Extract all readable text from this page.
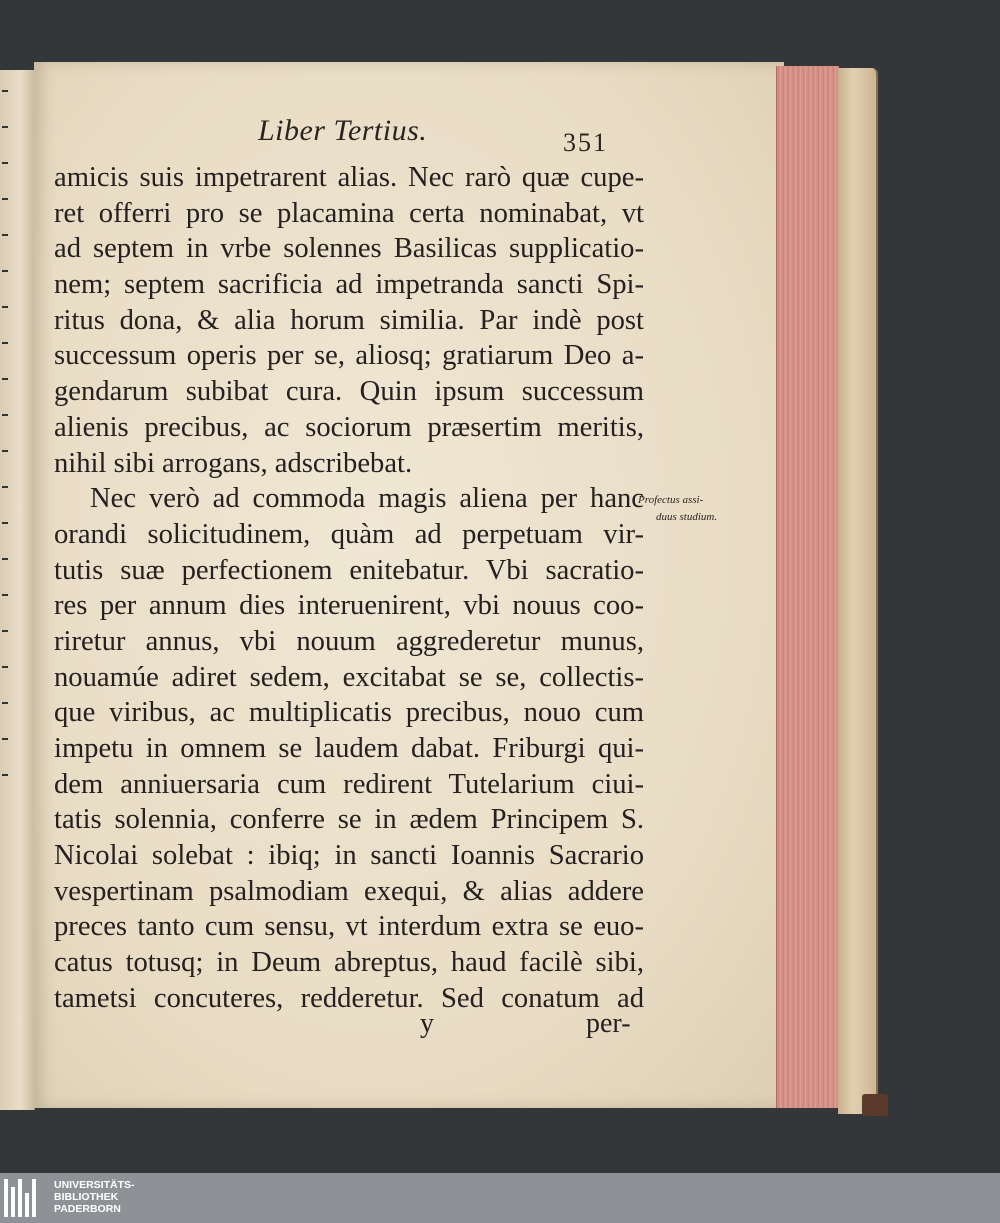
Liber Tertius.	351
amicis suis impetrarent alias. Nec rarò quæ cupe-
ret offerri pro se placamina certa nominabat, vt
ad septem in vrbe solennes Basilicas supplicatio-
nem; septem sacrificia ad impetranda sancti Spi-
ritus dona, & alia horum similia. Par indè post
successum operis per se, aliosq; gratiarum Deo a-
gendarum subibat cura. Quin ipsum successum
alienis precibus, ac sociorum præsertim meritis,
nihil sibi arrogans, adscribebat.
Nec verò ad commoda magis aliena per hanc
orandi solicitudinem, quàm ad perpetuam vir-
tutis suæ perfectionem enitebatur. Vbi sacratio-
res per annum dies interuenirent, vbi nouus coo-
riretur annus, vbi nouum aggrederetur munus,
nouamúe adiret sedem, excitabat se se, collectis-
que viribus, ac multiplicatis precibus, nouo cum
impetu in omnem se laudem dabat. Friburgi qui-
dem anniuersaria cum redirent Tutelarium ciui-
tatis solennia, conferre se in ædem Principem S.
Nicolai solebat : ibiq; in sancti Ioannis Sacrario
vespertinam psalmodiam exequi, & alias addere
preces tanto cum sensu, vt interdum extra se euo-
catus totusq; in Deum abreptus, haud facilè sibi,
tametsi concuteres, redderetur. Sed conatum ad
Profectus assi-
duus studium.
y	per-
UNIVERSITÄTS-
BIBLIOTHEK
PADERBORN
